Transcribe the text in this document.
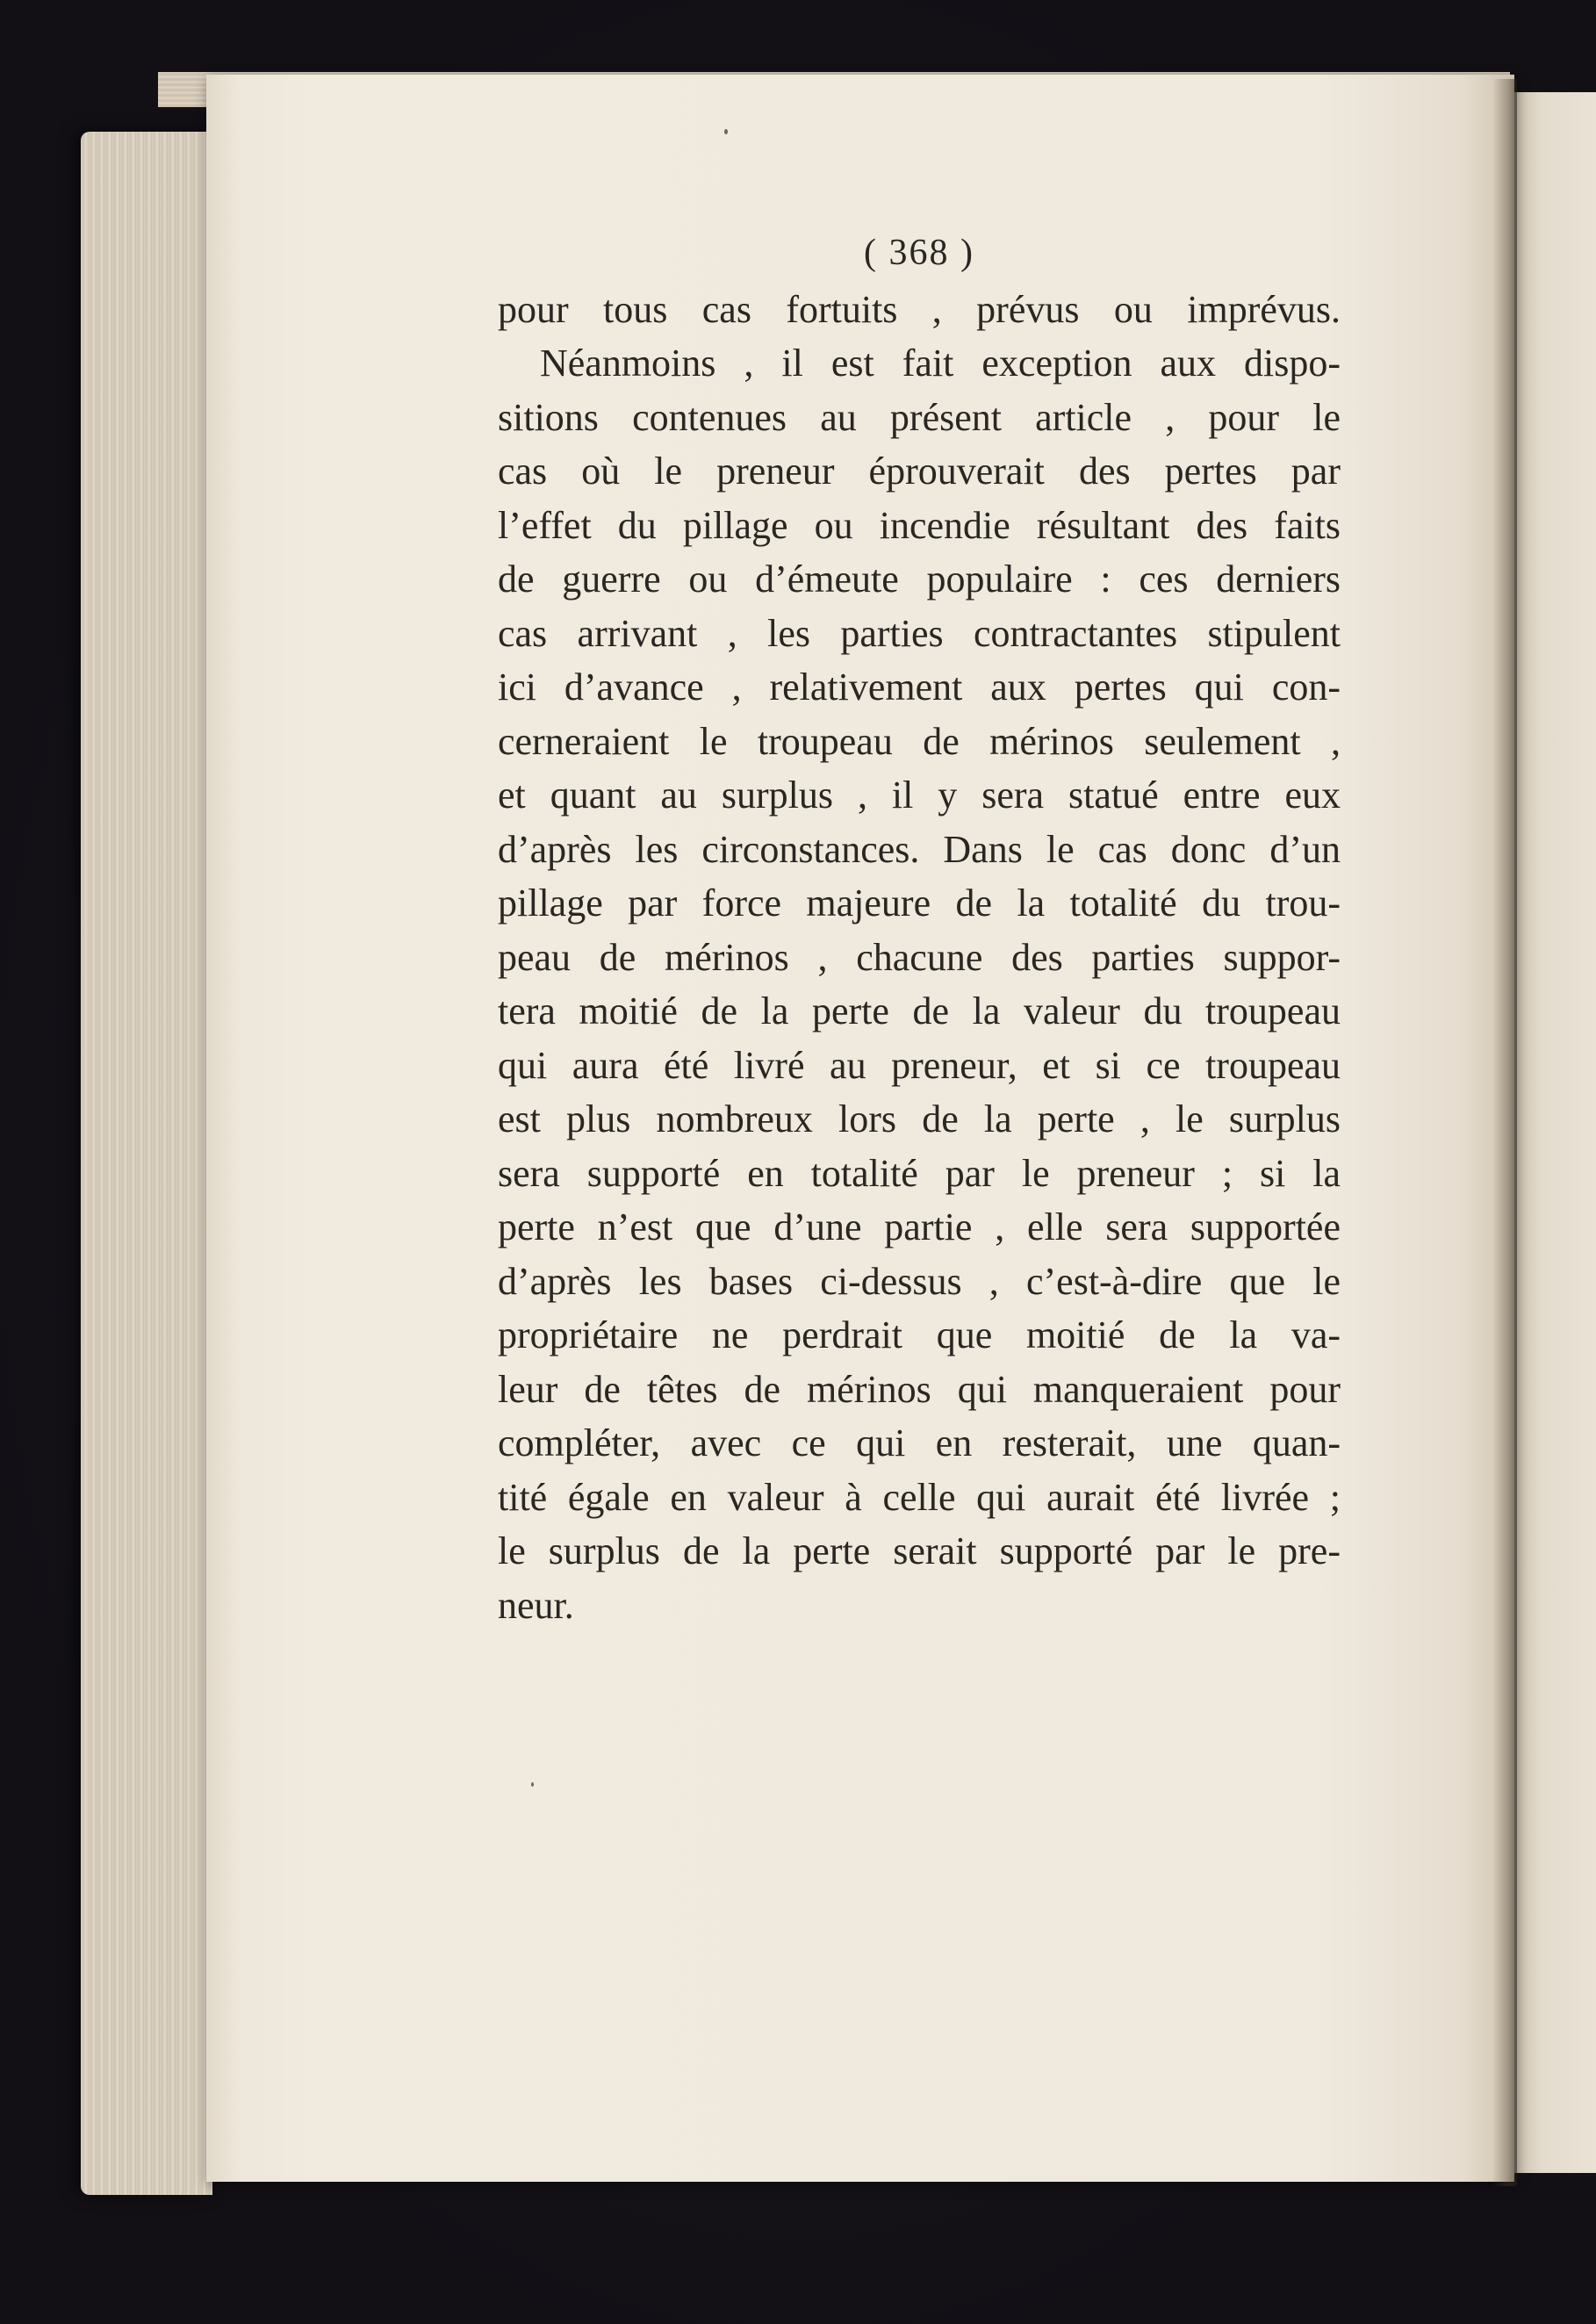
( 368 )
pour tous cas fortuits , prévus ou imprévus.
Néanmoins , il est fait exception aux dispo-
sitions contenues au présent article , pour le
cas où le preneur éprouverait des pertes par
l’effet du pillage ou incendie résultant des faits
de guerre ou d’émeute populaire : ces derniers
cas arrivant , les parties contractantes stipulent
ici d’avance , relativement aux pertes qui con-
cerneraient le troupeau de mérinos seulement ,
et quant au surplus , il y sera statué entre eux
d’après les circonstances. Dans le cas donc d’un
pillage par force majeure de la totalité du trou-
peau de mérinos , chacune des parties suppor-
tera moitié de la perte de la valeur du troupeau
qui aura été livré au preneur, et si ce troupeau
est plus nombreux lors de la perte , le surplus
sera supporté en totalité par le preneur ; si la
perte n’est que d’une partie , elle sera supportée
d’après les bases ci-dessus , c’est-à-dire que le
propriétaire ne perdrait que moitié de la va-
leur de têtes de mérinos qui manqueraient pour
compléter, avec ce qui en resterait, une quan-
tité égale en valeur à celle qui aurait été livrée ;
le surplus de la perte serait supporté par le pre-
neur.
